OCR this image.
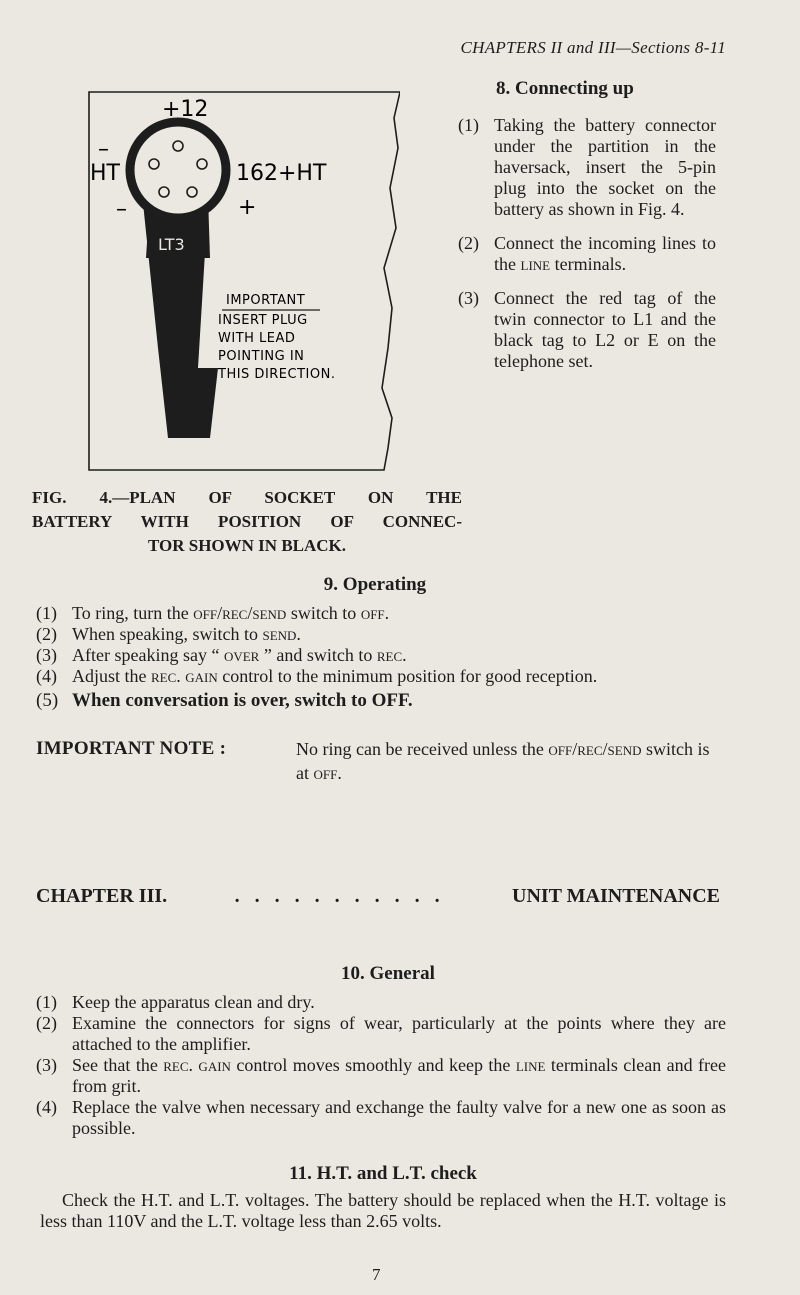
CHAPTERS II and III—Sections 8-11
+12
–
HT
–
162+HT
+
LT3
IMPORTANT
INSERT PLUG
WITH LEAD
POINTING IN
THIS DIRECTION.
FIG. 4.—PLAN OF SOCKET ON THE
BATTERY WITH POSITION OF CONNEC-
TOR SHOWN IN BLACK.
8. Connecting up
(1) Taking the battery connector under the partition in the haversack, insert the 5-pin plug into the socket on the battery as shown in Fig. 4.
(2) Connect the incoming lines to the line terminals.
(3) Connect the red tag of the twin connector to L1 and the black tag to L2 or E on the telephone set.
9. Operating
(1) To ring, turn the off/rec/send switch to off.
(2) When speaking, switch to send.
(3) After speaking say “ over ” and switch to rec.
(4) Adjust the rec. gain control to the minimum position for good reception.
(5) When conversation is over, switch to OFF.
IMPORTANT NOTE :	No ring can be received unless the off/rec/send switch is at off.
CHAPTER III.	. . . . . . . . . . .	UNIT MAINTENANCE
10. General
(1) Keep the apparatus clean and dry.
(2) Examine the connectors for signs of wear, particularly at the points where they are attached to the amplifier.
(3) See that the rec. gain control moves smoothly and keep the line terminals clean and free from grit.
(4) Replace the valve when necessary and exchange the faulty valve for a new one as soon as possible.
11. H.T. and L.T. check
Check the H.T. and L.T. voltages. The battery should be replaced when the H.T. voltage is less than 110V and the L.T. voltage less than 2.65 volts.
7
